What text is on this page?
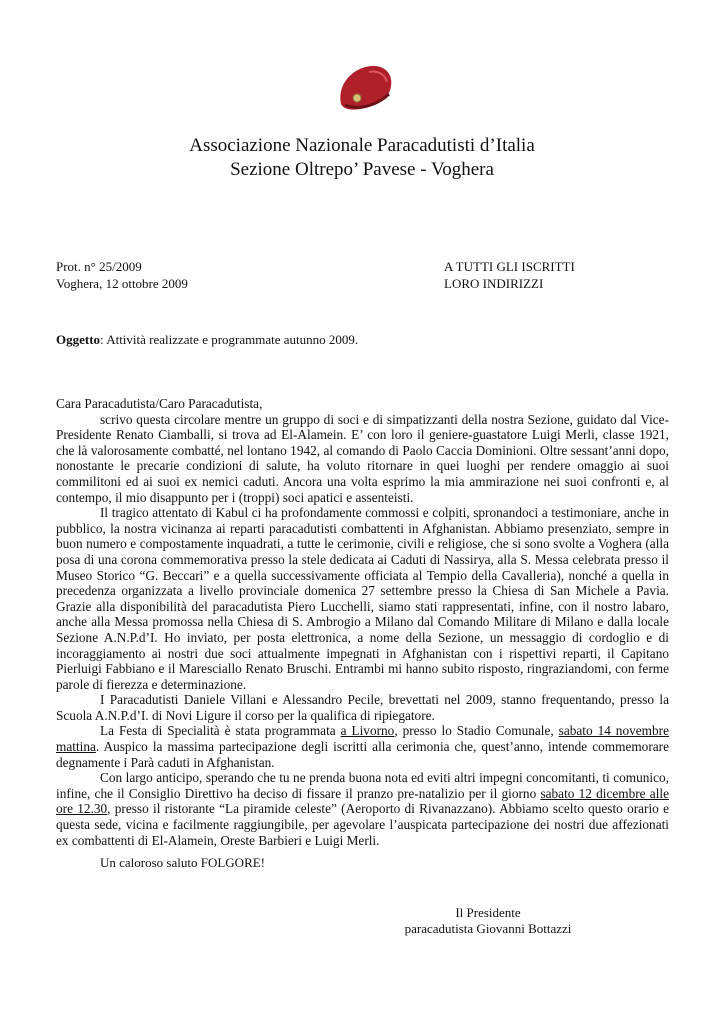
Associazione Nazionale Paracadutisti d’Italia
Sezione Oltrepo’ Pavese - Voghera
Prot. n° 25/2009
Voghera, 12 ottobre 2009
A TUTTI GLI ISCRITTI
LORO INDIRIZZI
Oggetto: Attività realizzate e programmate autunno 2009.

Cara Paracadutista/Caro Paracadutista,

scrivo questa circolare mentre un gruppo di soci e di simpatizzanti della nostra Sezione, guidato dal Vice-Presidente Renato Ciamballi, si trova ad El-Alamein. E’ con loro il geniere-guastatore Luigi Merli, classe 1921, che là valorosamente combatté, nel lontano 1942, al comando di Paolo Caccia Dominioni. Oltre sessant’anni dopo, nonostante le precarie condizioni di salute, ha voluto ritornare in quei luoghi per rendere omaggio ai suoi commilitoni ed ai suoi ex nemici caduti. Ancora una volta esprimo la mia ammirazione nei suoi confronti e, al contempo, il mio disappunto per i (troppi) soci apatici e assenteisti.

Il tragico attentato di Kabul ci ha profondamente commossi e colpiti, spronandoci a testimoniare, anche in pubblico, la nostra vicinanza ai reparti paracadutisti combattenti in Afghanistan. Abbiamo presenziato, sempre in buon numero e compostamente inquadrati, a tutte le cerimonie, civili e religiose, che si sono svolte a Voghera (alla posa di una corona commemorativa presso la stele dedicata ai Caduti di Nassirya, alla S. Messa celebrata presso il Museo Storico “G. Beccari” e a quella successivamente officiata al Tempio della Cavalleria), nonché a quella in precedenza organizzata a livello provinciale domenica 27 settembre presso la Chiesa di San Michele a Pavia. Grazie alla disponibilità del paracadutista Piero Lucchelli, siamo stati rappresentati, infine, con il nostro labaro, anche alla Messa promossa nella Chiesa di S. Ambrogio a Milano dal Comando Militare di Milano e dalla locale Sezione A.N.P.d’I. Ho inviato, per posta elettronica, a nome della Sezione, un messaggio di cordoglio e di incoraggiamento ai nostri due soci attualmente impegnati in Afghanistan con i rispettivi reparti, il Capitano Pierluigi Fabbiano e il Maresciallo Renato Bruschi. Entrambi mi hanno subito risposto, ringraziandomi, con ferme parole di fierezza e determinazione.

I Paracadutisti Daniele Villani e Alessandro Pecile, brevettati nel 2009, stanno frequentando, presso la Scuola A.N.P.d’I. di Novi Ligure il corso per la qualifica di ripiegatore.

La Festa di Specialità è stata programmata a Livorno, presso lo Stadio Comunale, sabato 14 novembre mattina. Auspico la massima partecipazione degli iscritti alla cerimonia che, quest’anno, intende commemorare degnamente i Parà caduti in Afghanistan.

Con largo anticipo, sperando che tu ne prenda buona nota ed eviti altri impegni concomitanti, ti comunico, infine, che il Consiglio Direttivo ha deciso di fissare il pranzo pre-natalizio per il giorno sabato 12 dicembre alle ore 12.30, presso il ristorante “La piramide celeste” (Aeroporto di Rivanazzano). Abbiamo scelto questo orario e questa sede, vicina e facilmente raggiungibile, per agevolare l’auspicata partecipazione dei nostri due affezionati ex combattenti di El-Alamein, Oreste Barbieri e Luigi Merli.

Un caloroso saluto FOLGORE!
Il Presidente
paracadutista Giovanni Bottazzi
